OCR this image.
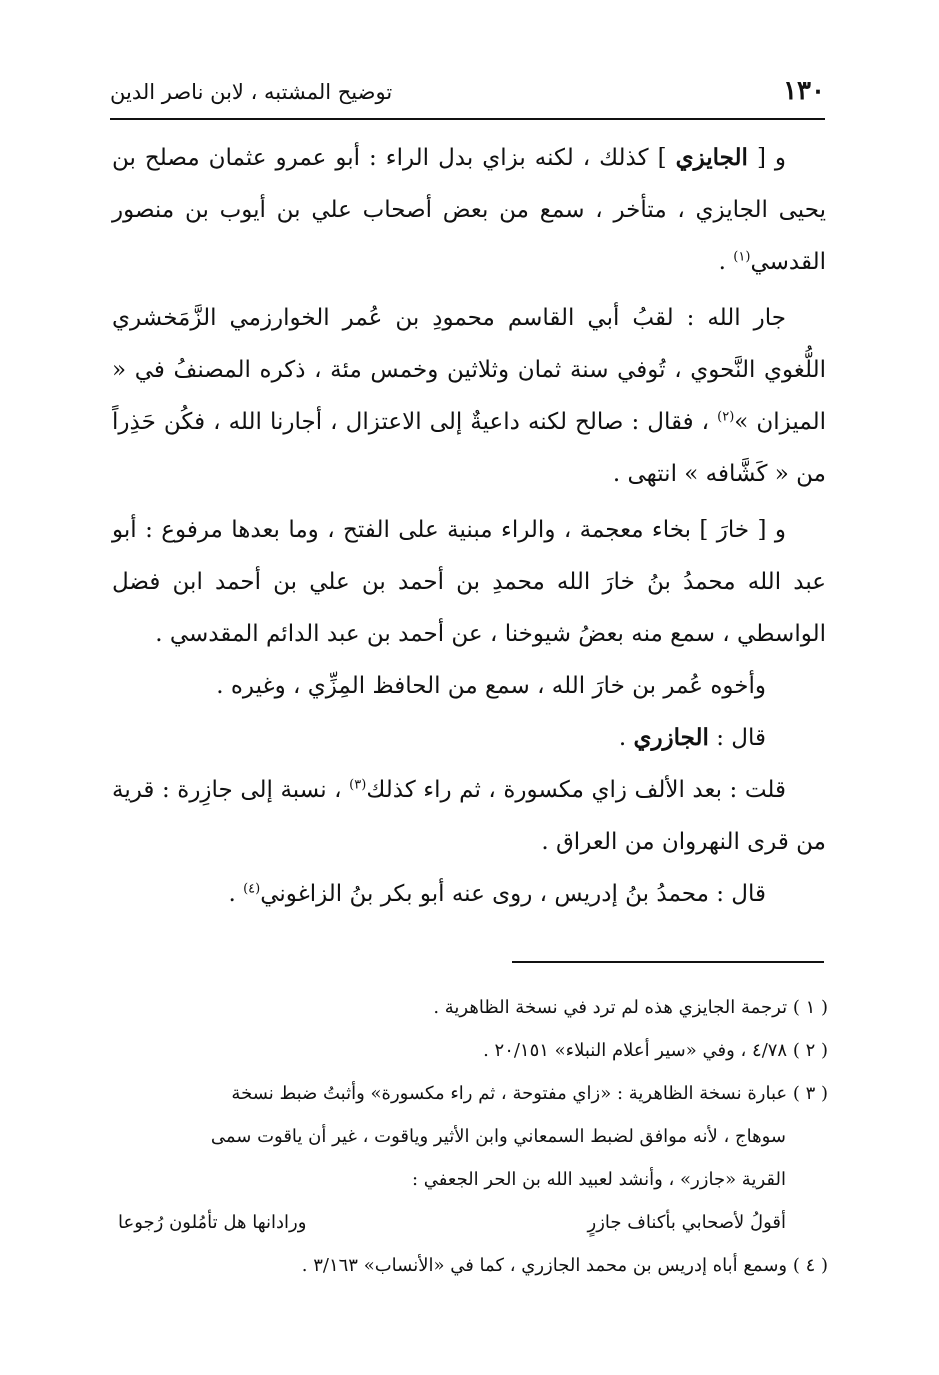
١٣٠
توضيح المشتبه ، لابن ناصر الدين

و [ الجايزي ] كذلك ، لكنه بزاي بدل الراء : أبو عمرو عثمان مصلح بن يحيى الجايزي ، متأخر ، سمع من بعض أصحاب علي بن أيوب بن منصور القدسي$^{(١)}$ .

جار الله : لقبُ أبي القاسم محمودِ بن عُمر الخوارزمي الزَّمَخشري اللُّغوي النَّحوي ، تُوفي سنة ثمان وثلاثين وخمس مئة ، ذكره المصنفُ في « الميزان »$^{(٢)}$ ، فقال : صالح لكنه داعيةٌ إلى الاعتزال ، أجارنا الله ، فكُن حَذِراً من « كَشَّافه » انتهى .

و [ خارَ ] بخاء معجمة ، والراء مبنية على الفتح ، وما بعدها مرفوع : أبو عبد الله محمدُ بنُ خارَ الله محمدِ بن أحمد بن علي بن أحمد ابن فضل الواسطي ، سمع منه بعضُ شيوخنا ، عن أحمد بن عبد الدائم المقدسي .

وأخوه عُمر بن خارَ الله ، سمع من الحافظ المِزِّي ، وغيره .

قال : الجازري .

قلت : بعد الألف زاي مكسورة ، ثم راء كذلك$^{(٣)}$ ، نسبة إلى جازِرة : قرية من قرى النهروان من العراق .

قال : محمدُ بنُ إدريس ، روى عنه أبو بكر بنُ الزاغوني$^{(٤)}$ .

( ١ ) ترجمة الجايزي هذه لم ترد في نسخة الظاهرية .

( ٢ ) ٤/٧٨ ، وفي «سير أعلام النبلاء» ٢٠/١٥١ .

( ٣ ) عبارة نسخة الظاهرية : «زاي مفتوحة ، ثم راء مكسورة» وأثبتُ ضبط نسخة

سوهاج ، لأنه موافق لضبط السمعاني وابن الأثير وياقوت ، غير أن ياقوت سمى

القرية «جازر» ، وأنشد لعبيد الله بن الحر الجعفي :

أقولُ لأصحابي بأكناف جازرٍ
ورادانها هل تأمُلون رُجوعا

( ٤ ) وسمع أباه إدريس بن محمد الجازري ، كما في «الأنساب» ٣/١٦٣ .
